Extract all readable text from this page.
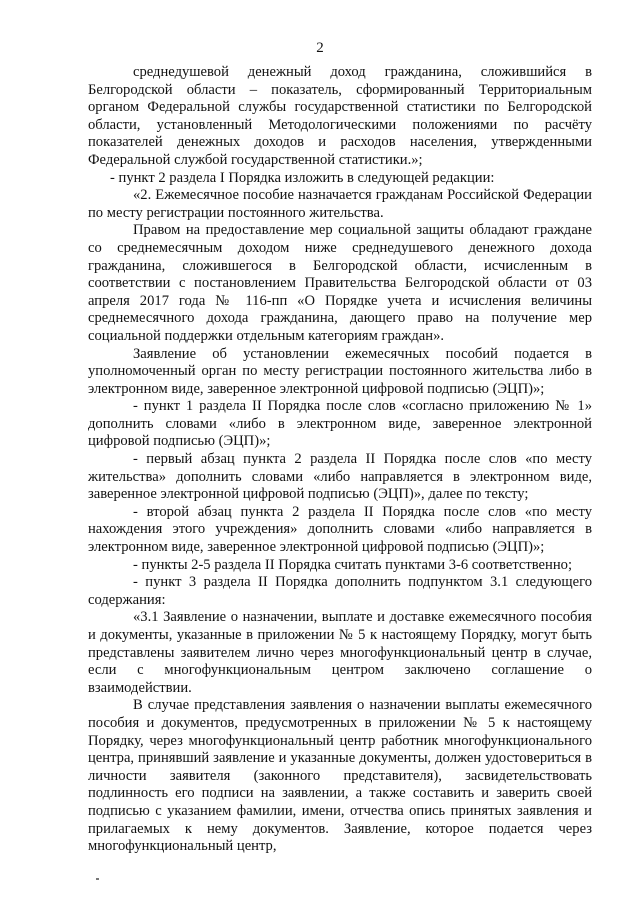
2

среднедушевой денежный доход гражданина, сложившийся в Белгородской области – показатель, сформированный Территориальным органом Федеральной службы государственной статистики по Белгородской области, установленный Методологическими положениями по расчёту показателей денежных доходов и расходов населения, утвержденными Федеральной службой государственной статистики.»;

- пункт 2 раздела I Порядка изложить в следующей редакции:

«2. Ежемесячное пособие назначается гражданам Российской Федерации по месту регистрации постоянного жительства.

Правом на предоставление мер социальной защиты обладают граждане со среднемесячным доходом ниже среднедушевого денежного дохода гражданина, сложившегося в Белгородской области, исчисленным в соответствии с постановлением Правительства Белгородской области от 03 апреля 2017 года № 116-пп «О Порядке учета и исчисления величины среднемесячного дохода гражданина, дающего право на получение мер социальной поддержки отдельным категориям граждан».

Заявление об установлении ежемесячных пособий подается в уполномоченный орган по месту регистрации постоянного жительства либо в электронном виде, заверенное электронной цифровой подписью (ЭЦП)»;

- пункт 1 раздела II Порядка после слов «согласно приложению № 1» дополнить словами «либо в электронном виде, заверенное электронной цифровой подписью (ЭЦП)»;

- первый абзац пункта 2 раздела II Порядка после слов «по месту жительства» дополнить словами «либо направляется в электронном виде, заверенное электронной цифровой подписью (ЭЦП)», далее по тексту;

- второй абзац пункта 2 раздела II Порядка после слов «по месту нахождения этого учреждения» дополнить словами «либо направляется в электронном виде, заверенное электронной цифровой подписью (ЭЦП)»;

- пункты 2-5 раздела II Порядка считать пунктами 3-6 соответственно;

- пункт 3 раздела II Порядка дополнить подпунктом 3.1 следующего содержания:

«3.1 Заявление о назначении, выплате и доставке ежемесячного пособия и документы, указанные в приложении № 5 к настоящему Порядку, могут быть представлены заявителем лично через многофункциональный центр в случае, если с многофункциональным центром заключено соглашение о взаимодействии.

В случае представления заявления о назначении выплаты ежемесячного пособия и документов, предусмотренных в приложении № 5 к настоящему Порядку, через многофункциональный центр работник многофункционального центра, принявший заявление и указанные документы, должен удостовериться в личности заявителя (законного представителя), засвидетельствовать подлинность его подписи на заявлении, а также составить и заверить своей подписью с указанием фамилии, имени, отчества опись принятых заявления и прилагаемых к нему документов. Заявление, которое подается через многофункциональный центр,
